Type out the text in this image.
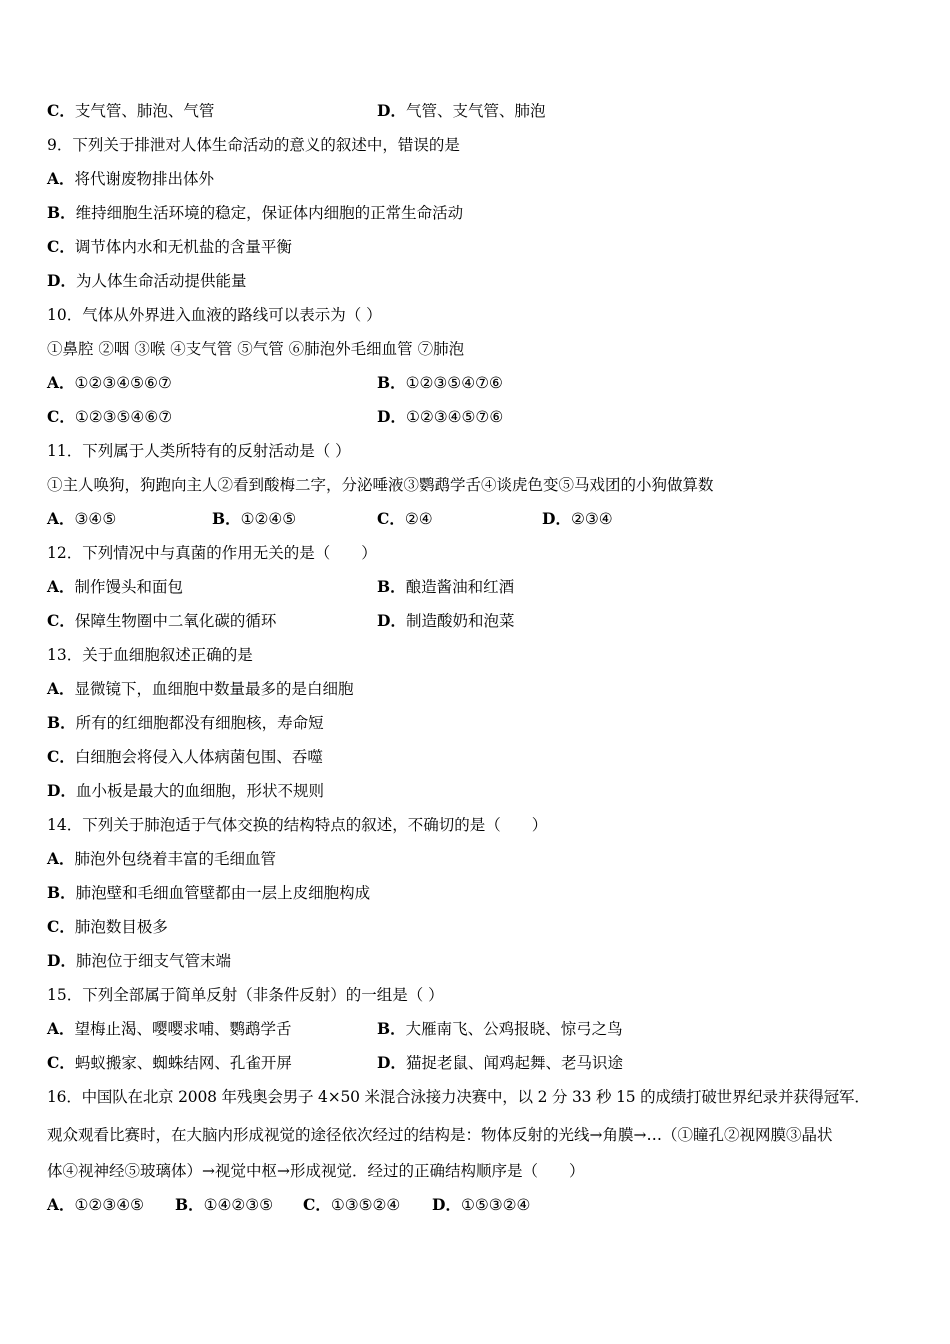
C．支气管、肺泡、气管	D．气管、支气管、肺泡
9．下列关于排泄对人体生命活动的意义的叙述中，错误的是
A．将代谢废物排出体外
B．维持细胞生活环境的稳定，保证体内细胞的正常生命活动
C．调节体内水和无机盐的含量平衡
D．为人体生命活动提供能量
10．气体从外界进入血液的路线可以表示为（ ）
①鼻腔 ②咽 ③喉 ④支气管 ⑤气管 ⑥肺泡外毛细血管 ⑦肺泡
A．①②③④⑤⑥⑦	B．①②③⑤④⑦⑥
C．①②③⑤④⑥⑦	D．①②③④⑤⑦⑥
11．下列属于人类所特有的反射活动是（ ）
①主人唤狗，狗跑向主人②看到酸梅二字，分泌唾液③鹦鹉学舌④谈虎色变⑤马戏团的小狗做算数
A．③④⑤	B．①②④⑤	C．②④	D．②③④
12．下列情况中与真菌的作用无关的是（　　）
A．制作馒头和面包	B．酿造酱油和红酒
C．保障生物圈中二氧化碳的循环	D．制造酸奶和泡菜
13．关于血细胞叙述正确的是
A．显微镜下，血细胞中数量最多的是白细胞
B．所有的红细胞都没有细胞核，寿命短
C．白细胞会将侵入人体病菌包围、吞噬
D．血小板是最大的血细胞，形状不规则
14．下列关于肺泡适于气体交换的结构特点的叙述，不确切的是（　　）
A．肺泡外包绕着丰富的毛细血管
B．肺泡壁和毛细血管壁都由一层上皮细胞构成
C．肺泡数目极多
D．肺泡位于细支气管末端
15．下列全部属于简单反射（非条件反射）的一组是（ ）
A．望梅止渴、嘤嘤求哺、鹦鹉学舌	B．大雁南飞、公鸡报晓、惊弓之鸟
C．蚂蚁搬家、蜘蛛结网、孔雀开屏	D．猫捉老鼠、闻鸡起舞、老马识途
16．中国队在北京 2008 年残奥会男子 4×50 米混合泳接力决赛中，以 2 分 33 秒 15 的成绩打破世界纪录并获得冠军．
观众观看比赛时，在大脑内形成视觉的途径依次经过的结构是：物体反射的光线→角膜→…（①瞳孔②视网膜③晶状
体④视神经⑤玻璃体）→视觉中枢→形成视觉．经过的正确结构顺序是（　　）
A．①②③④⑤ B．①④②③⑤ C．①③⑤②④ D．①⑤③②④
